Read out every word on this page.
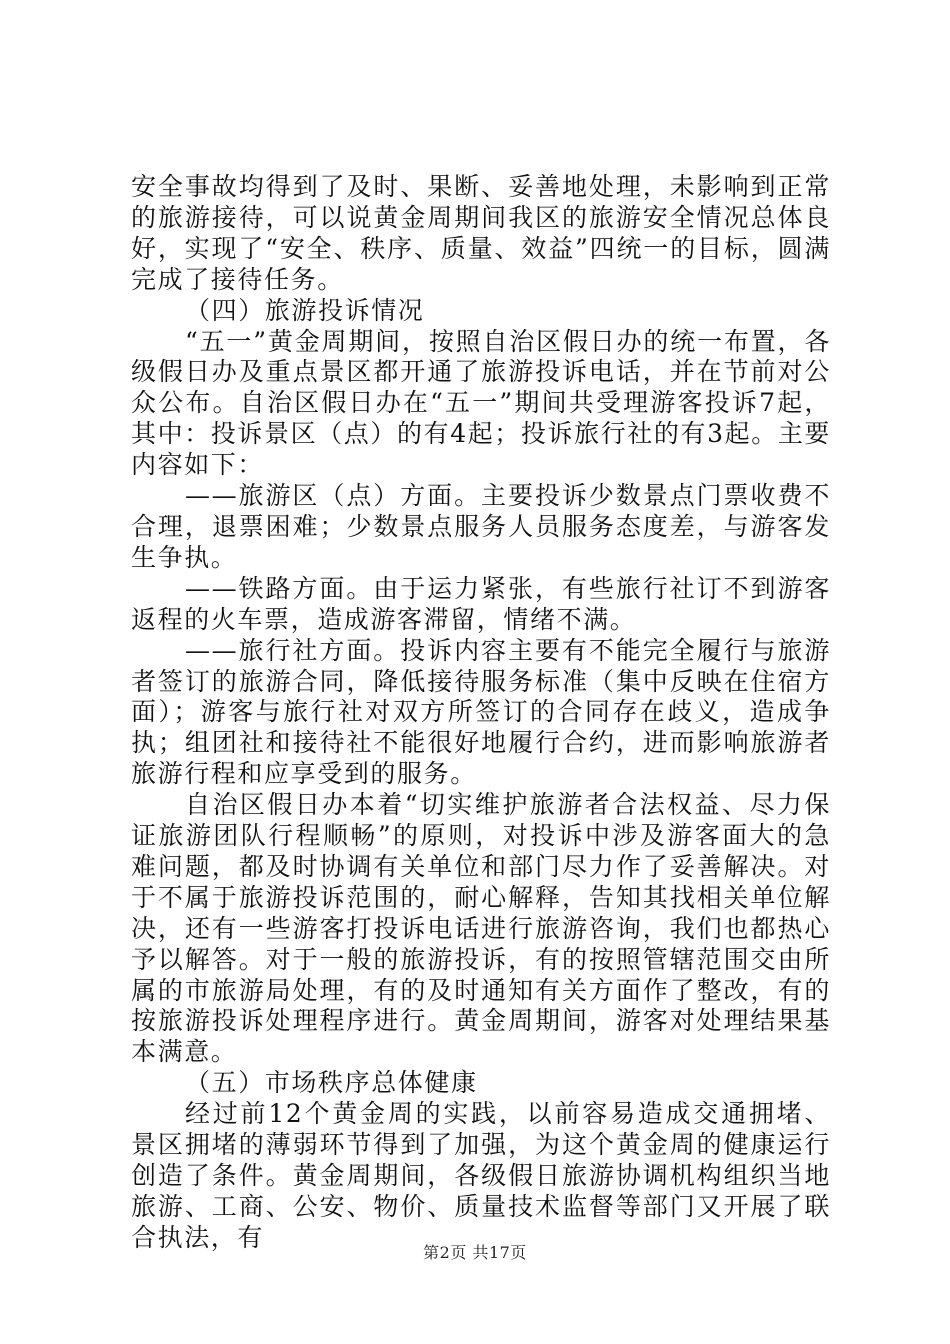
安全事故均得到了及时、果断、妥善地处理，未影响到正常的旅游接待，可以说黄金周期间我区的旅游安全情况总体良好，实现了“安全、秩序、质量、效益”四统一的目标，圆满完成了接待任务。

（四）旅游投诉情况

“五一”黄金周期间，按照自治区假日办的统一布置，各级假日办及重点景区都开通了旅游投诉电话，并在节前对公众公布。自治区假日办在“五一”期间共受理游客投诉7起，其中：投诉景区（点）的有4起；投诉旅行社的有3起。主要内容如下：

——旅游区（点）方面。主要投诉少数景点门票收费不合理，退票困难；少数景点服务人员服务态度差，与游客发生争执。

——铁路方面。由于运力紧张，有些旅行社订不到游客返程的火车票，造成游客滞留，情绪不满。

——旅行社方面。投诉内容主要有不能完全履行与旅游者签订的旅游合同，降低接待服务标准（集中反映在住宿方面）；游客与旅行社对双方所签订的合同存在歧义，造成争执；组团社和接待社不能很好地履行合约，进而影响旅游者旅游行程和应享受到的服务。

自治区假日办本着“切实维护旅游者合法权益、尽力保证旅游团队行程顺畅”的原则，对投诉中涉及游客面大的急难问题，都及时协调有关单位和部门尽力作了妥善解决。对于不属于旅游投诉范围的，耐心解释，告知其找相关单位解决，还有一些游客打投诉电话进行旅游咨询，我们也都热心予以解答。对于一般的旅游投诉，有的按照管辖范围交由所属的市旅游局处理，有的及时通知有关方面作了整改，有的按旅游投诉处理程序进行。黄金周期间，游客对处理结果基本满意。

（五）市场秩序总体健康

经过前12个黄金周的实践，以前容易造成交通拥堵、景区拥堵的薄弱环节得到了加强，为这个黄金周的健康运行创造了条件。黄金周期间，各级假日旅游协调机构组织当地旅游、工商、公安、物价、质量技术监督等部门又开展了联合执法，有

第2页 共17页
